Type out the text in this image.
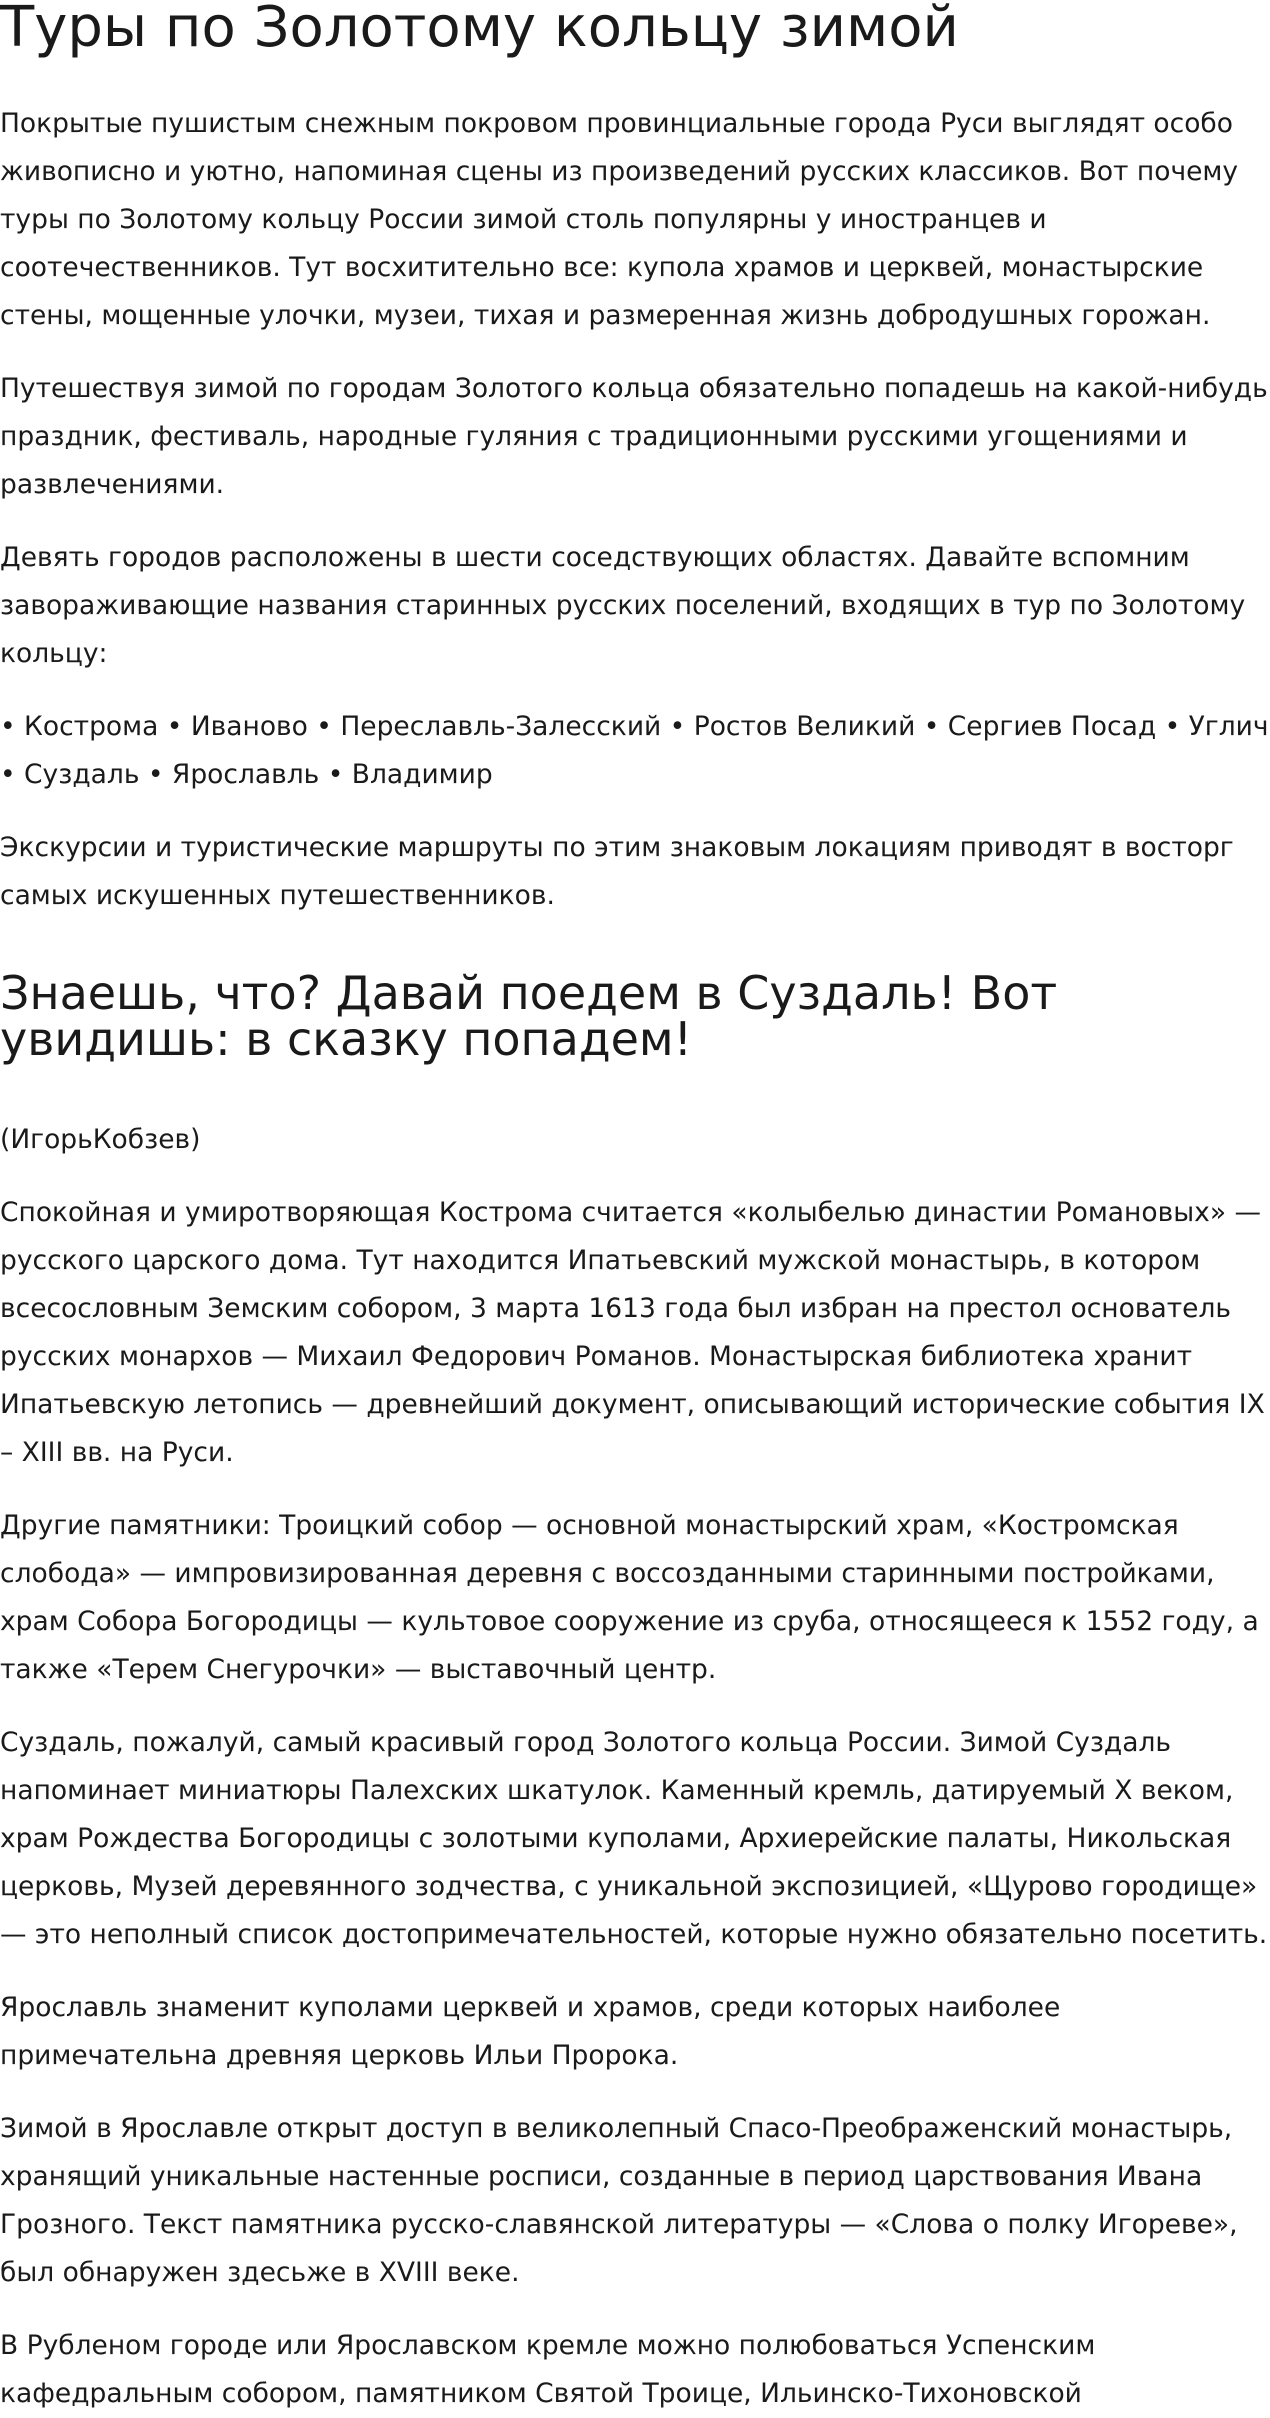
Туры по Золотому кольцу зимой

Покрытые пушистым снежным покровом провинциальные города Руси выглядят особо живописно и уютно, напоминая сцены из произведений русских классиков. Вот почему туры по Золотому кольцу России зимой столь популярны у иностранцев и соотечественников. Тут восхитительно все: купола храмов и церквей, монастырские стены, мощенные улочки, музеи, тихая и размеренная жизнь добродушных горожан.

Путешествуя зимой по городам Золотого кольца обязательно попадешь на какой-нибудь праздник, фестиваль, народные гуляния с традиционными русскими угощениями и развлечениями.

Девять городов расположены в шести соседствующих областях. Давайте вспомним завораживающие названия старинных русских поселений, входящих в тур по Золотому кольцу:

• Кострома • Иваново • Переславль-Залесский • Ростов Великий • Сергиев Посад • Углич • Суздаль • Ярославль • Владимир

Экскурсии и туристические маршруты по этим знаковым локациям приводят в восторг самых искушенных путешественников.

Знаешь, что? Давай поедем в Суздаль! Вот увидишь: в сказку попадем!

(ИгорьКобзев)

Спокойная и умиротворяющая Кострома считается «колыбелью династии Романовых» — русского царского дома. Тут находится Ипатьевский мужской монастырь, в котором всесословным Земским собором, 3 марта 1613 года был избран на престол основатель русских монархов — Михаил Федорович Романов. Монастырская библиотека хранит Ипатьевскую летопись — древнейший документ, описывающий исторические события IX – XIII вв. на Руси.

Другие памятники: Троицкий собор — основной монастырский храм, «Костромская слобода» — импровизированная деревня с воссозданными старинными постройками, храм Собора Богородицы — культовое сооружение из сруба, относящееся к 1552 году, а также «Терем Снегурочки» — выставочный центр.

Суздаль, пожалуй, самый красивый город Золотого кольца России. Зимой Суздаль напоминает миниатюры Палехских шкатулок. Каменный кремль, датируемый X веком, храм Рождества Богородицы с золотыми куполами, Архиерейские палаты, Никольская церковь, Музей деревянного зодчества, с уникальной экспозицией, «Щурово городище» — это неполный список достопримечательностей, которые нужно обязательно посетить.

Ярославль знаменит куполами церквей и храмов, среди которых наиболее примечательна древняя церковь Ильи Пророка.

Зимой в Ярославле открыт доступ в великолепный Спасо-Преображенский монастырь, хранящий уникальные настенные росписи, созданные в период царствования Ивана Грозного. Текст памятника русско-славянской литературы — «Слова о полку Игореве», был обнаружен здесьже в XVIII веке.

В Рубленом городе или Ярославском кремле можно полюбоваться Успенским кафедральным собором, памятником Святой Троице, Ильинско-Тихоновской
